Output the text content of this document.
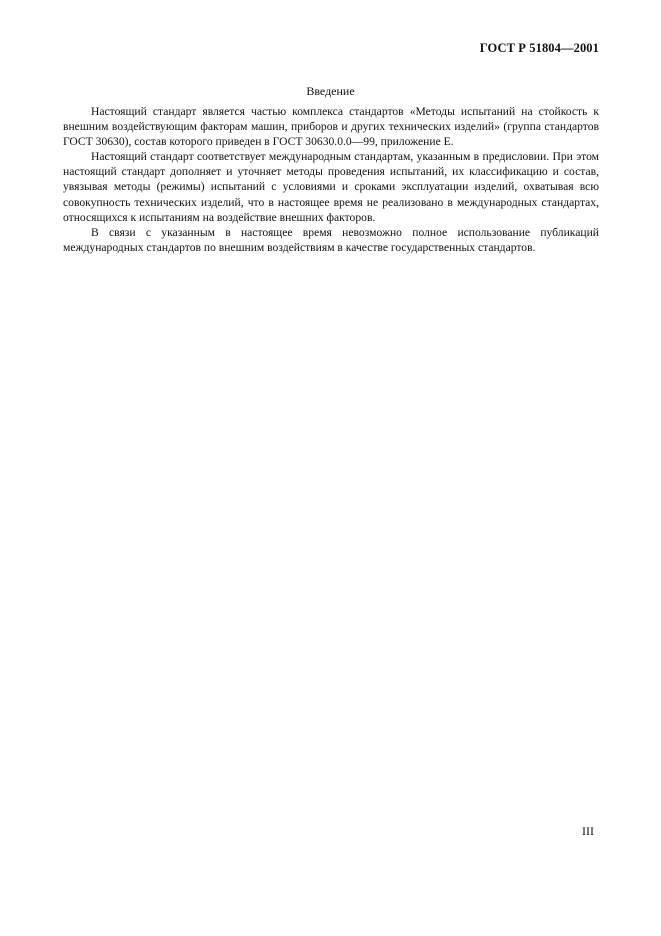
ГОСТ Р 51804—2001
Введение

Настоящий стандарт является частью комплекса стандартов «Методы испытаний на стойкость к внешним воздействующим факторам машин, приборов и других технических изделий» (группа стандартов ГОСТ 30630), состав которого приведен в ГОСТ 30630.0.0—99, приложение Е.

Настоящий стандарт соответствует международным стандартам, указанным в предисловии. При этом настоящий стандарт дополняет и уточняет методы проведения испытаний, их классификацию и состав, увязывая методы (режимы) испытаний с условиями и сроками эксплуатации изделий, охватывая всю совокупность технических изделий, что в настоящее время не реализовано в международных стандартах, относящихся к испытаниям на воздействие внешних факторов.

В связи с указанным в настоящее время невозможно полное использование публикаций международных стандартов по внешним воздействиям в качестве государственных стандартов.

III
